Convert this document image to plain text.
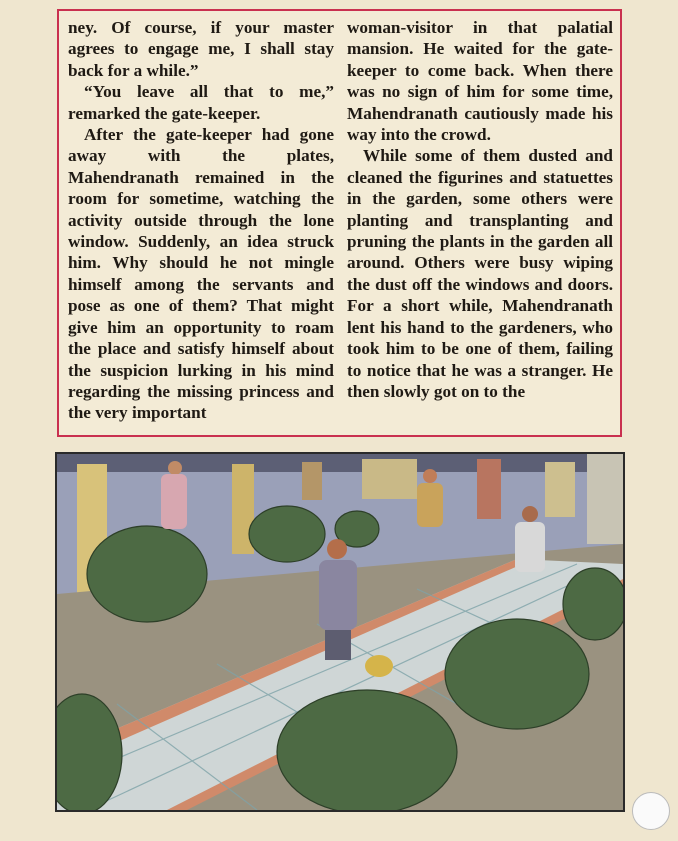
ney. Of course, if your master agrees to engage me, I shall stay back for a while.”

“You leave all that to me,” remarked the gate-keeper.

After the gate-keeper had gone away with the plates, Mahendranath remained in the room for sometime, watching the activity outside through the lone window. Suddenly, an idea struck him. Why should he not mingle himself among the servants and pose as one of them? That might give him an opportunity to roam the place and satisfy himself about the suspicion lurking in his mind regarding the missing princess and the very important

woman-visitor in that palatial mansion. He waited for the gate-keeper to come back. When there was no sign of him for some time, Mahendranath cautiously made his way into the crowd.

While some of them dusted and cleaned the figurines and statuettes in the garden, some others were planting and transplanting and pruning the plants in the garden all around. Others were busy wiping the dust off the windows and doors. For a short while, Mahendranath lent his hand to the gardeners, who took him to be one of them, failing to notice that he was a stranger. He then slowly got on to the
